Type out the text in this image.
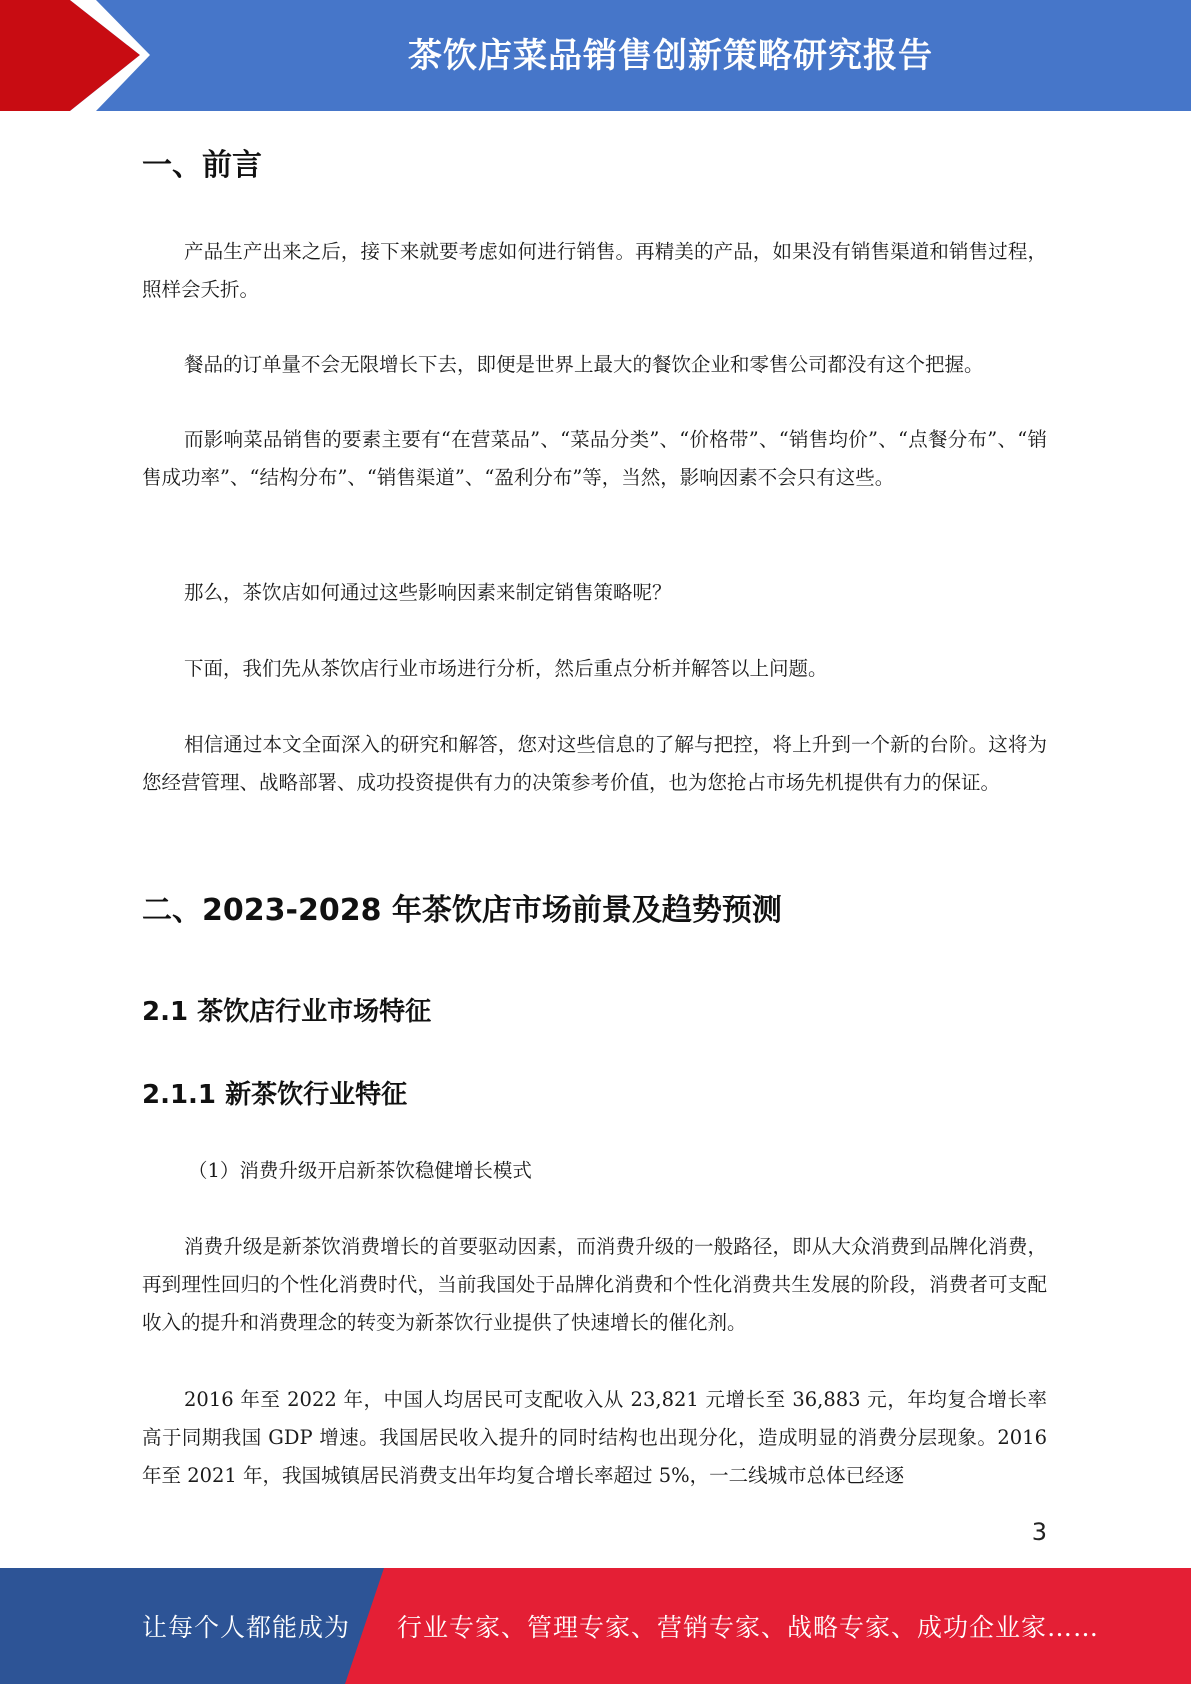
茶饮店菜品销售创新策略研究报告
一、前言

产品生产出来之后，接下来就要考虑如何进行销售。再精美的产品，如果没有销售渠道和销售过程，照样会夭折。

餐品的订单量不会无限增长下去，即便是世界上最大的餐饮企业和零售公司都没有这个把握。

而影响菜品销售的要素主要有“在营菜品”、“菜品分类”、“价格带”、“销售均价”、“点餐分布”、“销售成功率”、“结构分布”、“销售渠道”、“盈利分布”等，当然，影响因素不会只有这些。

那么，茶饮店如何通过这些影响因素来制定销售策略呢？

下面，我们先从茶饮店行业市场进行分析，然后重点分析并解答以上问题。

相信通过本文全面深入的研究和解答，您对这些信息的了解与把控，将上升到一个新的台阶。这将为您经营管理、战略部署、成功投资提供有力的决策参考价值，也为您抢占市场先机提供有力的保证。

二、2023-2028 年茶饮店市场前景及趋势预测
2.1 茶饮店行业市场特征
2.1.1 新茶饮行业特征

（1）消费升级开启新茶饮稳健增长模式

消费升级是新茶饮消费增长的首要驱动因素，而消费升级的一般路径，即从大众消费到品牌化消费，再到理性回归的个性化消费时代，当前我国处于品牌化消费和个性化消费共生发展的阶段，消费者可支配收入的提升和消费理念的转变为新茶饮行业提供了快速增长的催化剂。

2016 年至 2022 年，中国人均居民可支配收入从 23,821 元增长至 36,883 元，年均复合增长率高于同期我国 GDP 增速。我国居民收入提升的同时结构也出现分化，造成明显的消费分层现象。2016 年至 2021 年，我国城镇居民消费支出年均复合增长率超过 5%，一二线城市总体已经逐

3
让每个人都能成为 行业专家、管理专家、营销专家、战略专家、成功企业家……
